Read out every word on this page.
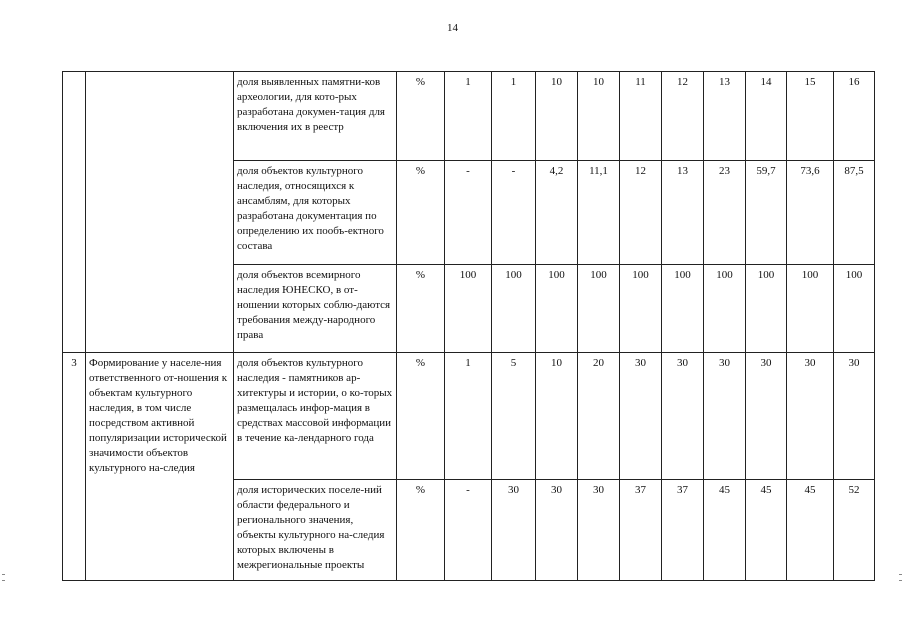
14
		доля выявленных памятни-ков археологии, для кото-рых разработана докумен-тация для включения их в реестр	%	1	1	10	10	11	12	13	14	15	16
		доля объектов культурного наследия, относящихся к ансамблям, для которых разработана документация по определению их пообъ-ектного состава	%	-	-	4,2	11,1	12	13	23	59,7	73,6	87,5
		доля объектов всемирного наследия ЮНЕСКО, в от-ношении которых соблю-даются требования между-народного права	%	100	100	100	100	100	100	100	100	100	100
3	Формирование у населе-ния ответственного от-ношения к объектам культурного наследия, в том числе посредством активной популяризации исторической значимости объектов культурного на-следия	доля объектов культурного наследия - памятников ар-хитектуры и истории, о ко-торых размещалась инфор-мация в средствах массовой информации в течение ка-лендарного года	%	1	5	10	20	30	30	30	30	30	30
		доля исторических поселе-ний области федерального и регионального значения, объекты культурного на-следия которых включены в межрегиональные проекты	%	-	30	30	30	37	37	45	45	45	52
